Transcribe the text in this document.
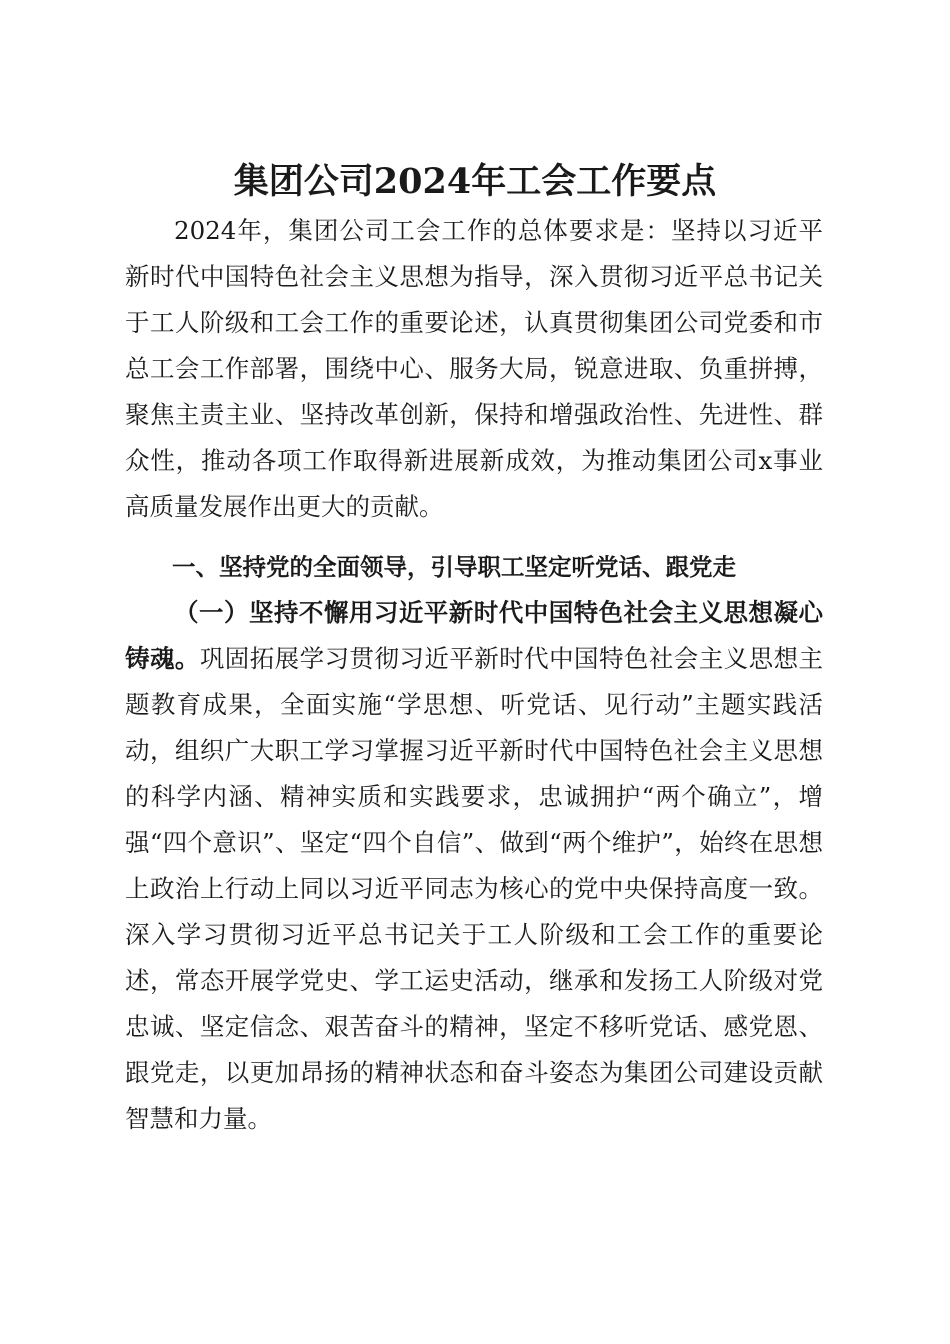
集团公司2024年工会工作要点

2024年，集团公司工会工作的总体要求是：坚持以习近平新时代中国特色社会主义思想为指导，深入贯彻习近平总书记关于工人阶级和工会工作的重要论述，认真贯彻集团公司党委和市总工会工作部署，围绕中心、服务大局，锐意进取、负重拼搏，聚焦主责主业、坚持改革创新，保持和增强政治性、先进性、群众性，推动各项工作取得新进展新成效，为推动集团公司x事业高质量发展作出更大的贡献。

一、坚持党的全面领导，引导职工坚定听党话、跟党走

（一）坚持不懈用习近平新时代中国特色社会主义思想凝心铸魂。巩固拓展学习贯彻习近平新时代中国特色社会主义思想主题教育成果，全面实施“学思想、听党话、见行动”主题实践活动，组织广大职工学习掌握习近平新时代中国特色社会主义思想的科学内涵、精神实质和实践要求，忠诚拥护“两个确立”，增强“四个意识”、坚定“四个自信”、做到“两个维护”，始终在思想上政治上行动上同以习近平同志为核心的党中央保持高度一致。深入学习贯彻习近平总书记关于工人阶级和工会工作的重要论述，常态开展学党史、学工运史活动，继承和发扬工人阶级对党忠诚、坚定信念、艰苦奋斗的精神，坚定不移听党话、感党恩、跟党走，以更加昂扬的精神状态和奋斗姿态为集团公司建设贡献智慧和力量。
